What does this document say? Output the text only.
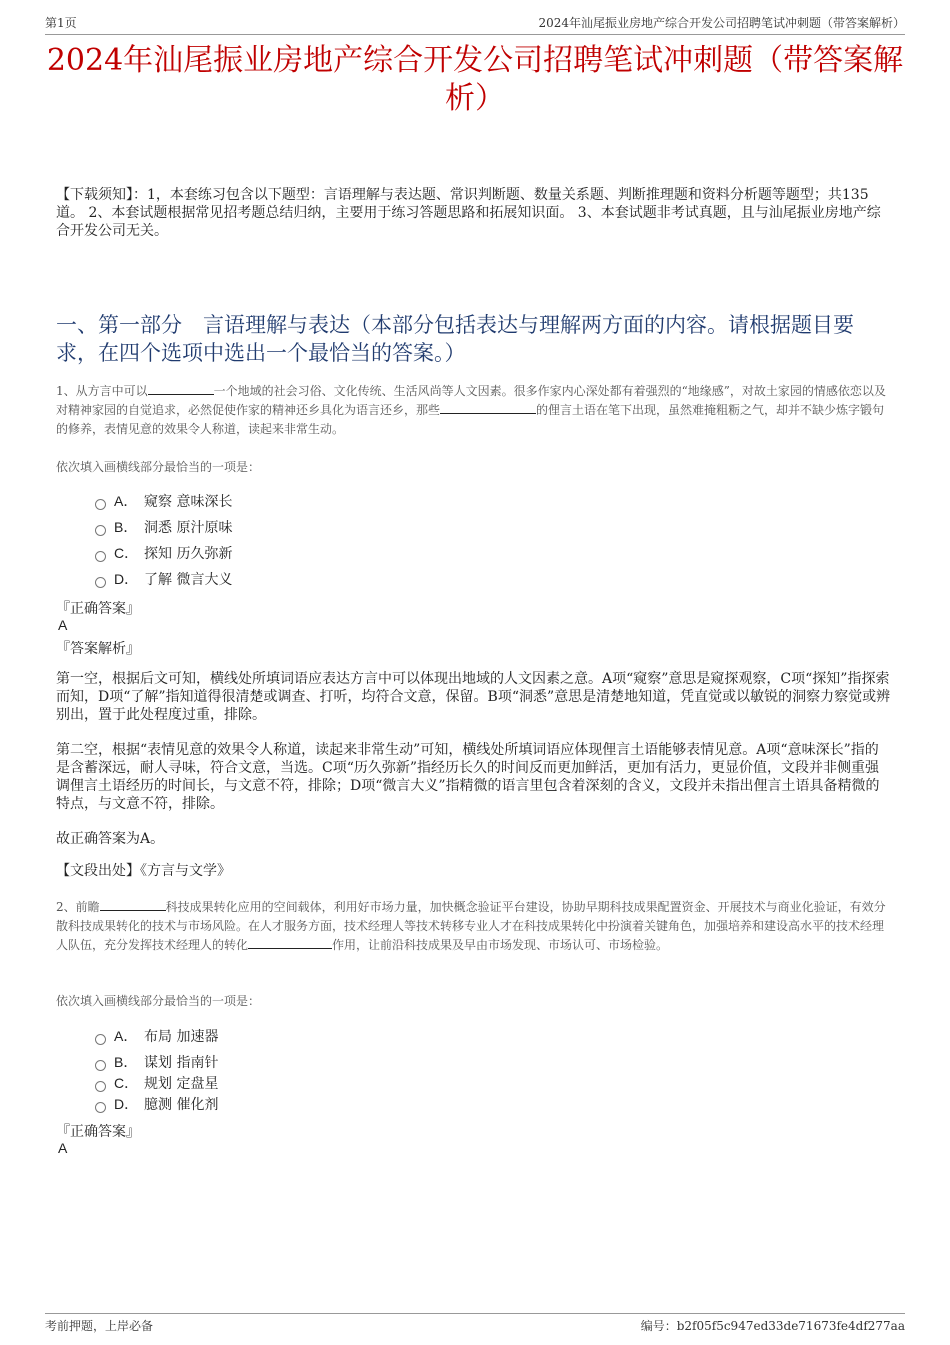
第1页	2024年汕尾振业房地产综合开发公司招聘笔试冲刺题（带答案解析）
2024年汕尾振业房地产综合开发公司招聘笔试冲刺题（带答案解析）
【下载须知】：1，本套练习包含以下题型：言语理解与表达题、常识判断题、数量关系题、判断推理题和资料分析题等题型；共135道。 2、本套试题根据常见招考题总结归纳，主要用于练习答题思路和拓展知识面。 3、本套试题非考试真题，且与汕尾振业房地产综合开发公司无关。
一、第一部分　言语理解与表达（本部分包括表达与理解两方面的内容。请根据题目要求，在四个选项中选出一个最恰当的答案。）
1、从方言中可以	一个地域的社会习俗、文化传统、生活风尚等人文因素。很多作家内心深处都有着强烈的“地缘感”，对故土家园的情感依恋以及对精神家园的自觉追求，必然促使作家的精神还乡具化为语言还乡，那些	的俚言土语在笔下出现，虽然难掩粗粝之气，却并不缺少炼字锻句的修养，表情见意的效果令人称道，读起来非常生动。
依次填入画横线部分最恰当的一项是：
A． 窥察 意味深长
B． 洞悉 原汁原味
C． 探知 历久弥新
D． 了解 微言大义
『正确答案』
A
『答案解析』
第一空，根据后文可知，横线处所填词语应表达方言中可以体现出地域的人文因素之意。A项“窥察”意思是窥探观察，C项“探知”指探索而知，D项“了解”指知道得很清楚或调查、打听，均符合文意，保留。B项“洞悉”意思是清楚地知道，凭直觉或以敏锐的洞察力察觉或辨别出，置于此处程度过重，排除。
第二空，根据“表情见意的效果令人称道，读起来非常生动”可知，横线处所填词语应体现俚言土语能够表情见意。A项“意味深长”指的是含蓄深远，耐人寻味，符合文意，当选。C项“历久弥新”指经历长久的时间反而更加鲜活，更加有活力，更显价值，文段并非侧重强调俚言土语经历的时间长，与文意不符，排除；D项“微言大义”指精微的语言里包含着深刻的含义，文段并未指出俚言土语具备精微的特点，与文意不符，排除。
故正确答案为A。
【文段出处】《方言与文学》
2、前瞻	科技成果转化应用的空间载体，利用好市场力量，加快概念验证平台建设，协助早期科技成果配置资金、开展技术与商业化验证，有效分散科技成果转化的技术与市场风险。在人才服务方面，技术经理人等技术转移专业人才在科技成果转化中扮演着关键角色，加强培养和建设高水平的技术经理人队伍，充分发挥技术经理人的转化	作用，让前沿科技成果及早由市场发现、市场认可、市场检验。
依次填入画横线部分最恰当的一项是：
A． 布局 加速器
B． 谋划 指南针
C． 规划 定盘星
D． 臆测 催化剂
『正确答案』
A
考前押题，上岸必备	编号：b2f05f5c947ed33de71673fe4df277aa
